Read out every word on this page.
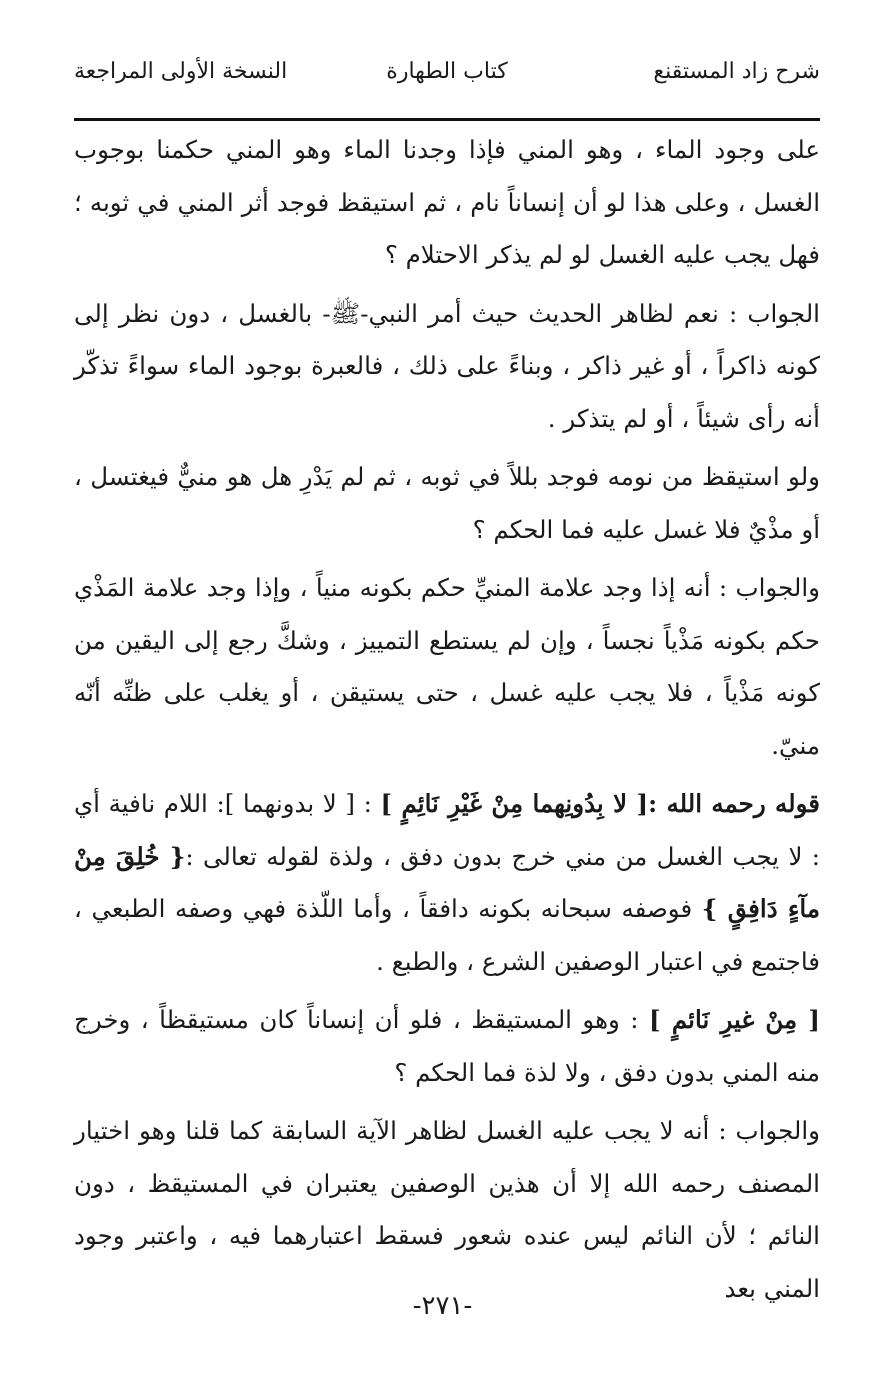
شرح زاد المستقنع
كتاب الطهارة
النسخة الأولى المراجعة

على وجود الماء ، وهو المني فإذا وجدنا الماء وهو المني حكمنا بوجوب الغسل ، وعلى هذا لو أن إنساناً نام ، ثم استيقظ فوجد أثر المني في ثوبه ؛ فهل يجب عليه الغسل لو لم يذكر الاحتلام ؟

الجواب : نعم لظاهر الحديث حيث أمر النبي-ﷺ- بالغسل ، دون نظر إلى كونه ذاكراً ، أو غير ذاكر ، وبناءً على ذلك ، فالعبرة بوجود الماء سواءً تذكّر أنه رأى شيئاً ، أو لم يتذكر .

ولو استيقظ من نومه فوجد بللاً في ثوبه ، ثم لم يَدْرِ هل هو منيٌّ فيغتسل ، أو مذْيٌ فلا غسل عليه فما الحكم ؟

والجواب : أنه إذا وجد علامة المنيِّ حكم بكونه منياً ، وإذا وجد علامة المَذْي حكم بكونه مَذْياً نجساً ، وإن لم يستطع التمييز ، وشكَّ رجع إلى اليقين من كونه مَذْياً ، فلا يجب عليه غسل ، حتى يستيقن ، أو يغلب على ظنِّه أنّه منيّ.

قوله رحمه الله :[ لا بِدُونِهما مِنْ غَيْرِ نَائِمٍ ] : [ لا بدونهما ]: اللام نافية أي : لا يجب الغسل من مني خرج بدون دفق ، ولذة لقوله تعالى :{ خُلِقَ مِنْ مآءٍ دَافِقٍ } فوصفه سبحانه بكونه دافقاً ، وأما اللّذة فهي وصفه الطبعي ، فاجتمع في اعتبار الوصفين الشرع ، والطبع .

[ مِنْ غيرِ نَائمٍ ] : وهو المستيقظ ، فلو أن إنساناً كان مستيقظاً ، وخرج منه المني بدون دفق ، ولا لذة فما الحكم ؟

والجواب : أنه لا يجب عليه الغسل لظاهر الآية السابقة كما قلنا وهو اختيار المصنف رحمه الله إلا أن هذين الوصفين يعتبران في المستيقظ ، دون النائم ؛ لأن النائم ليس عنده شعور فسقط اعتبارهما فيه ، واعتبر وجود المني بعد

-٢٧١-
